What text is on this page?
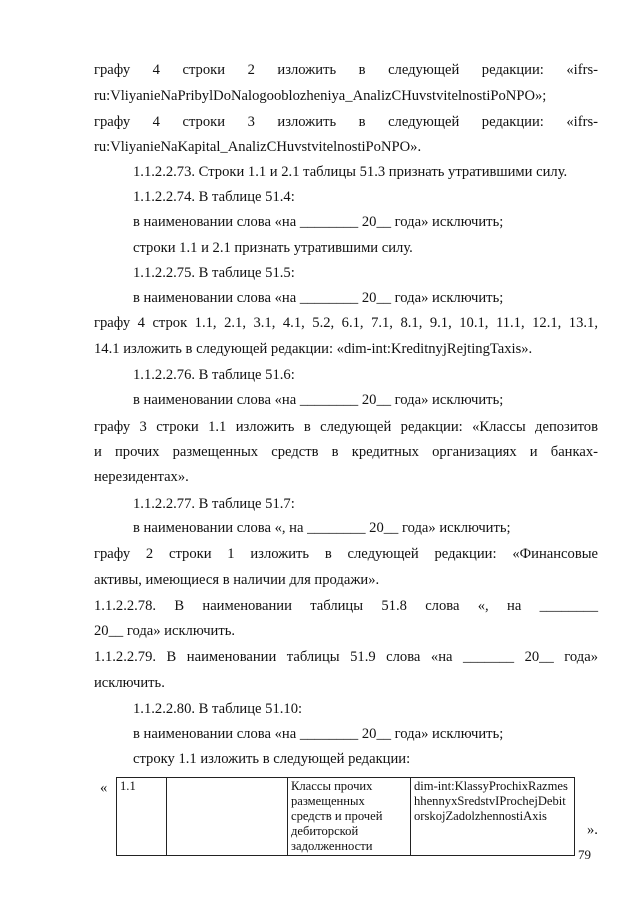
графу 4 строки 2 изложить в следующей редакции: «ifrs-
ru:VliyanieNaPribylDoNalogooblozheniya_AnalizCHuvstvitelnostiPoNPO»;
графу 4 строки 3 изложить в следующей редакции: «ifrs-
ru:VliyanieNaKapital_AnalizCHuvstvitelnostiPoNPO».
1.1.2.2.73. Строки 1.1 и 2.1 таблицы 51.3 признать утратившими силу.
1.1.2.2.74. В таблице 51.4:
в наименовании слова «на ________ 20__ года» исключить;
строки 1.1 и 2.1 признать утратившими силу.
1.1.2.2.75. В таблице 51.5:
в наименовании слова «на ________ 20__ года» исключить;
графу 4 строк 1.1, 2.1, 3.1, 4.1, 5.2, 6.1, 7.1, 8.1, 9.1, 10.1, 11.1, 12.1, 13.1,
14.1 изложить в следующей редакции: «dim-int:KreditnyjRejtingTaxis».
1.1.2.2.76. В таблице 51.6:
в наименовании слова «на ________ 20__ года» исключить;
графу 3 строки 1.1 изложить в следующей редакции: «Классы депозитов
и прочих размещенных средств в кредитных организациях и банках-
нерезидентах».
1.1.2.2.77. В таблице 51.7:
в наименовании слова «, на ________ 20__ года» исключить;
графу 2 строки 1 изложить в следующей редакции: «Финансовые
активы, имеющиеся в наличии для продажи».
1.1.2.2.78. В наименовании таблицы 51.8 слова «, на ________
20__ года» исключить.
1.1.2.2.79. В наименовании таблицы 51.9 слова «на _______ 20__ года»
исключить.
1.1.2.2.80. В таблице 51.10:
в наименовании слова «на ________ 20__ года» исключить;
строку 1.1 изложить в следующей редакции:
« 1.1		Классы прочих размещенных средств и прочей дебиторской задолженности	dim-int:KlassyProchixRazmeshhennyxSredstvIProchejDebitorskojZadolzhennostiAxis
».
79
